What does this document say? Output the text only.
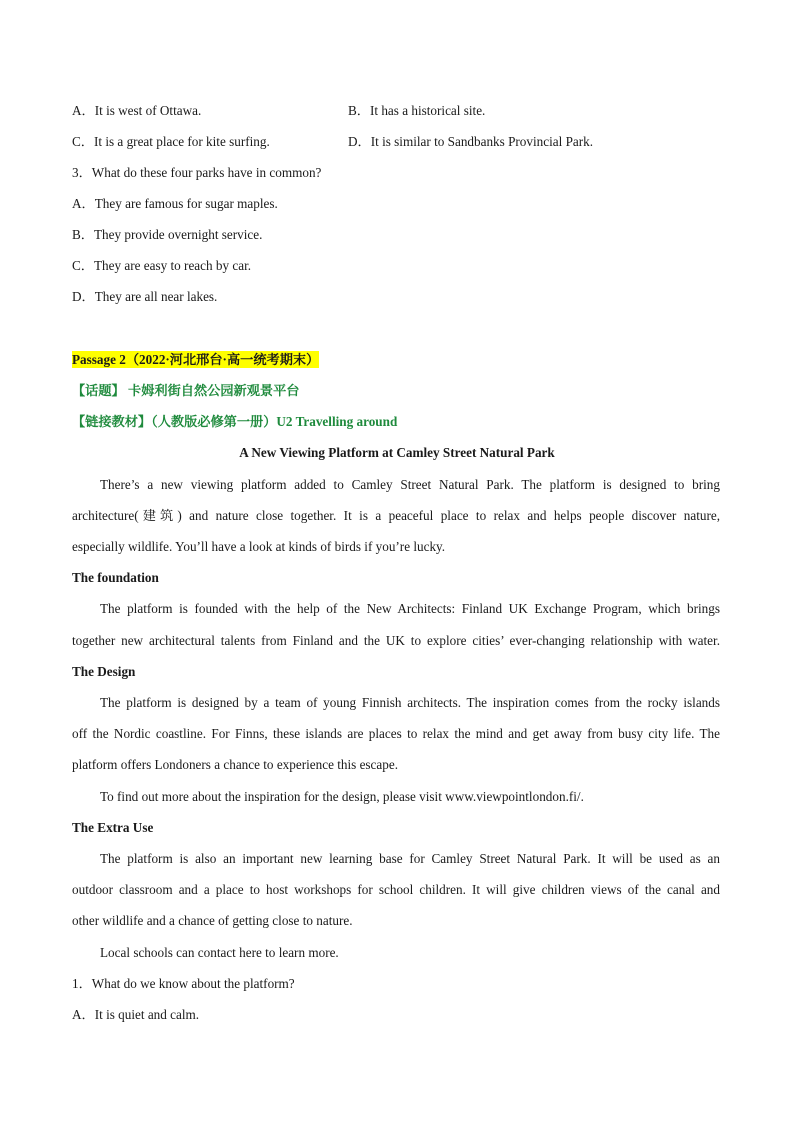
A．It is west of Ottawa.	B．It has a historical site.
C．It is a great place for kite surfing.	D．It is similar to Sandbanks Provincial Park.
3．What do these four parks have in common?
A．They are famous for sugar maples.
B．They provide overnight service.
C．They are easy to reach by car.
D．They are all near lakes.
Passage 2（2022·河北邢台·高一统考期末）
【话题】 卡姆利街自然公园新观景平台
【链接教材】（人教版必修第一册）U2 Travelling around
A New Viewing Platform at Camley Street Natural Park
There’s a new viewing platform added to Camley Street Natural Park. The platform is designed to bring
architecture(建筑) and nature close together. It is a peaceful place to relax and helps people discover nature,
especially wildlife. You’ll have a look at kinds of birds if you’re lucky.
The foundation
The platform is founded with the help of the New Architects: Finland UK Exchange Program, which brings
together new architectural talents from Finland and the UK to explore cities’ ever-changing relationship with water.
The Design
The platform is designed by a team of young Finnish architects. The inspiration comes from the rocky islands
off the Nordic coastline. For Finns, these islands are places to relax the mind and get away from busy city life. The
platform offers Londoners a chance to experience this escape.
To find out more about the inspiration for the design, please visit www.viewpointlondon.fi/.
The Extra Use
The platform is also an important new learning base for Camley Street Natural Park. It will be used as an
outdoor classroom and a place to host workshops for school children. It will give children views of the canal and
other wildlife and a chance of getting close to nature.
Local schools can contact here to learn more.
1．What do we know about the platform?
A．It is quiet and calm.
